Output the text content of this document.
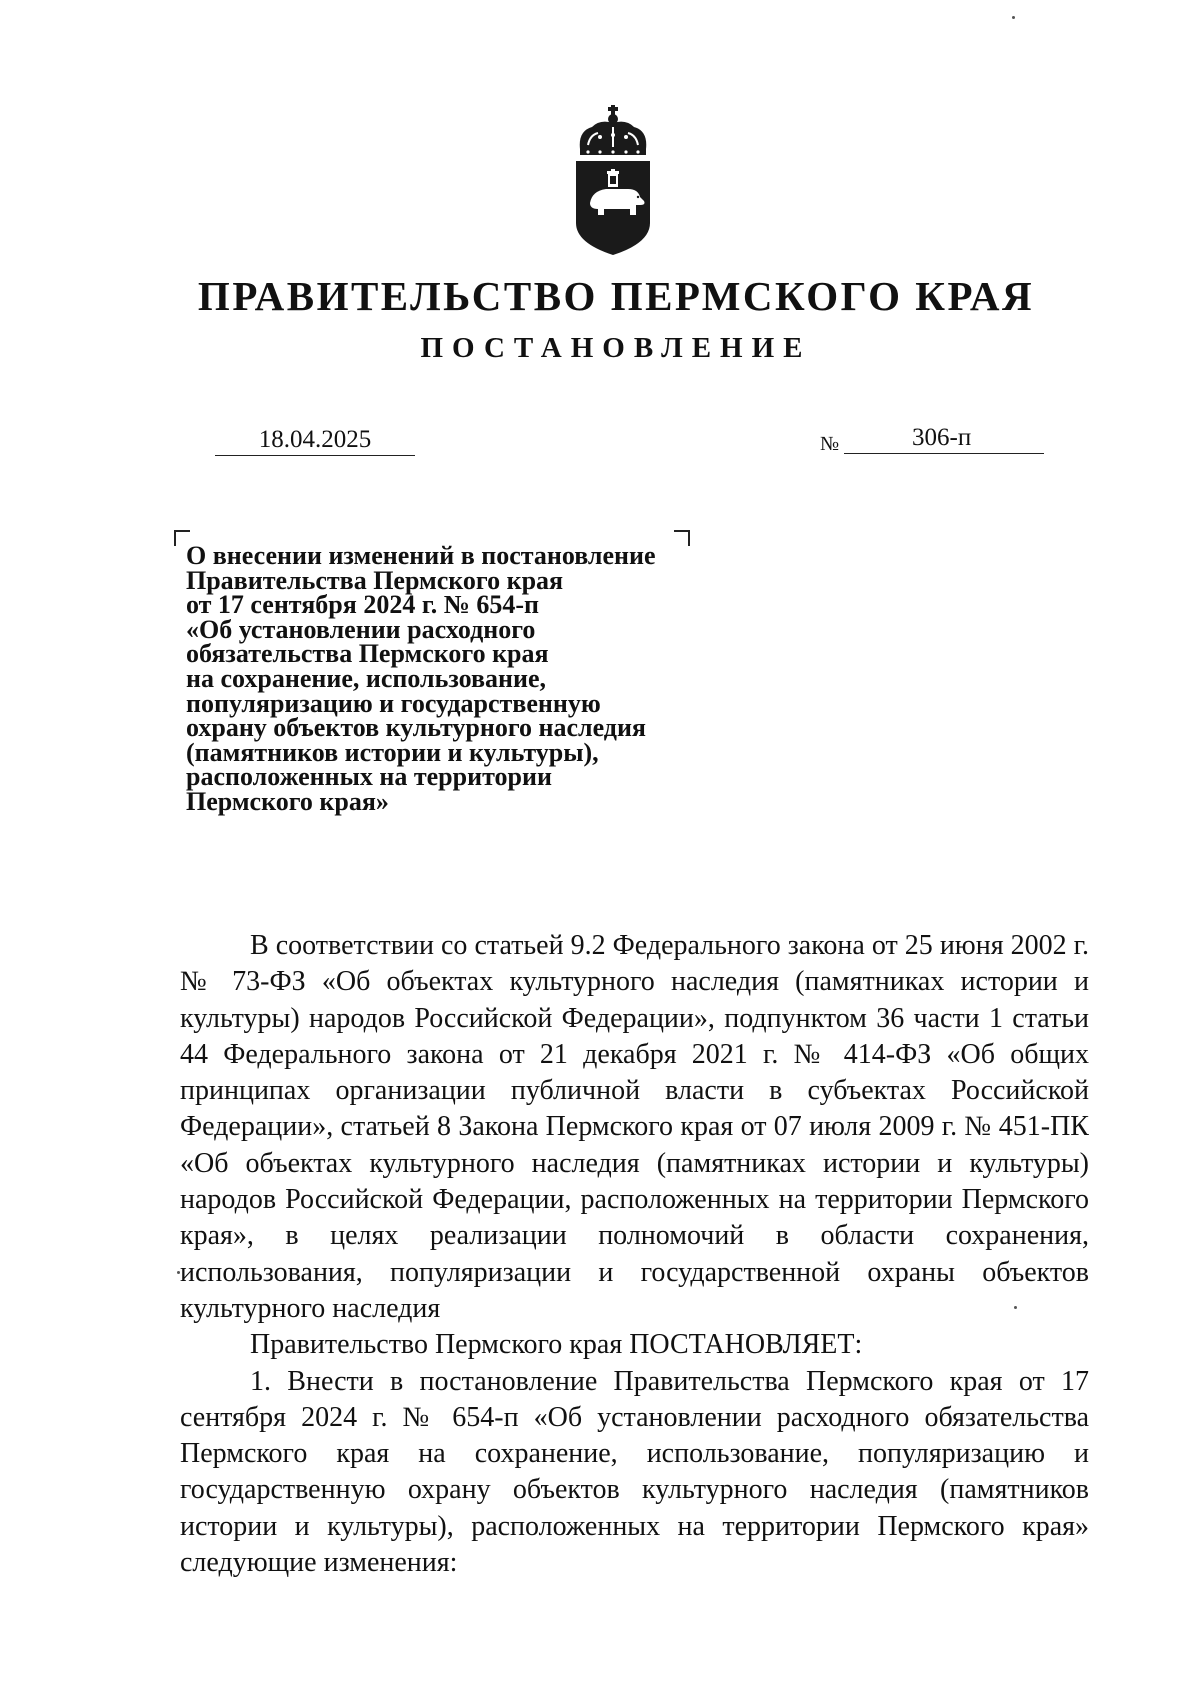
ПРАВИТЕЛЬСТВО ПЕРМСКОГО КРАЯ
ПОСТАНОВЛЕНИЕ
18.04.2025	№	306-п
О внесении изменений в постановление
Правительства Пермского края
от 17 сентября 2024 г. № 654-п
«Об установлении расходного
обязательства Пермского края
на сохранение, использование,
популяризацию и государственную
охрану объектов культурного наследия
(памятников истории и культуры),
расположенных на территории
Пермского края»

В соответствии со статьей 9.2 Федерального закона от 25 июня 2002 г. № 73-ФЗ «Об объектах культурного наследия (памятниках истории и культуры) народов Российской Федерации», подпунктом 36 части 1 статьи 44 Федерального закона от 21 декабря 2021 г. № 414-ФЗ «Об общих принципах организации публичной власти в субъектах Российской Федерации», статьей 8 Закона Пермского края от 07 июля 2009 г. № 451-ПК «Об объектах культурного наследия (памятниках истории и культуры) народов Российской Федерации, расположенных на территории Пермского края», в целях реализации полномочий в области сохранения, использования, популяризации и государственной охраны объектов культурного наследия

Правительство Пермского края ПОСТАНОВЛЯЕТ:

1. Внести в постановление Правительства Пермского края от 17 сентября 2024 г. № 654-п «Об установлении расходного обязательства Пермского края на сохранение, использование, популяризацию и государственную охрану объектов культурного наследия (памятников истории и культуры), расположенных на территории Пермского края» следующие изменения:
